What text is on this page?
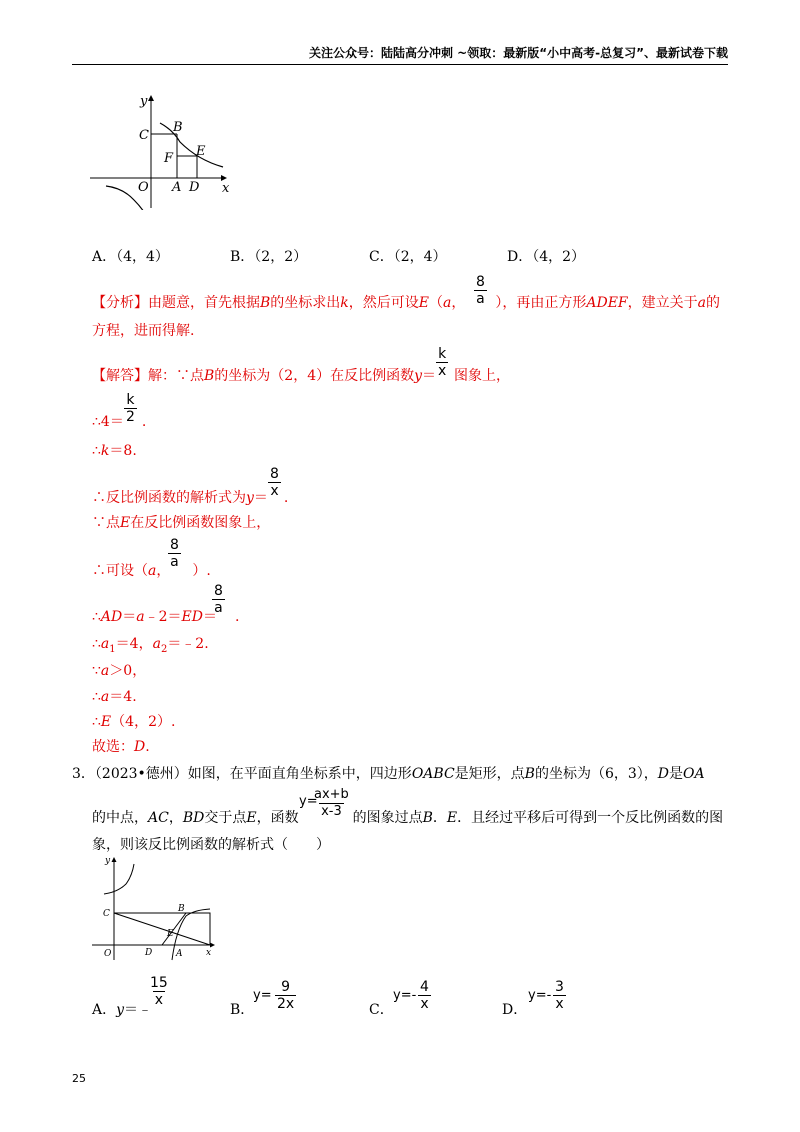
关注公众号：陆陆高分冲刺 ~领取：最新版“小中高考-总复习”、最新试卷下载
y
x
O A D
C
B
F E
A．（4，4）	B．（2，2）	C．（2，4）	D．（4，2）
【分析】由题意，首先根据B的坐标求出k，然后可设E（a， ），再由正方形ADEF，建立关于a的
$\frac{8}{a}$
方程，进而得解.
【解答】解：∵点B的坐标为（2，4）在反比例函数y＝ 图象上，
$\frac{k}{x}$
∴4＝ .
$\frac{k}{2}$
∴k＝8.
∴反比例函数的解析式为y＝ .
$\frac{8}{x}$
∵点E在反比例函数图象上，
∴可设（a， ）.
$\frac{8}{a}$
∴AD＝a﹣2＝ED＝ .
$\frac{8}{a}$
$\therefore a_1=4$，$a_2=﹣2$.
∵a＞0，
∴a＝4.
∴E（4，2）.
故选：D.
3．（2023•德州）如图，在平面直角坐标系中，四边形OABC是矩形，点B的坐标为（6，3），D是OA
的中点，AC，BD交于点E，函数	的图象过点B．E．且经过平移后可得到一个反比例函数的图
y=
$\frac{ax+b}{x-3}$
象，则该反比例函数的解析式（　　）
y
x
O
C	B
D	A
E
A．y＝﹣
$\frac{15}{x}$
B．
$y= \frac{9}{2x}$	C．
$y=- \frac{4}{x}$	D．
$y=- \frac{3}{x}$
25
